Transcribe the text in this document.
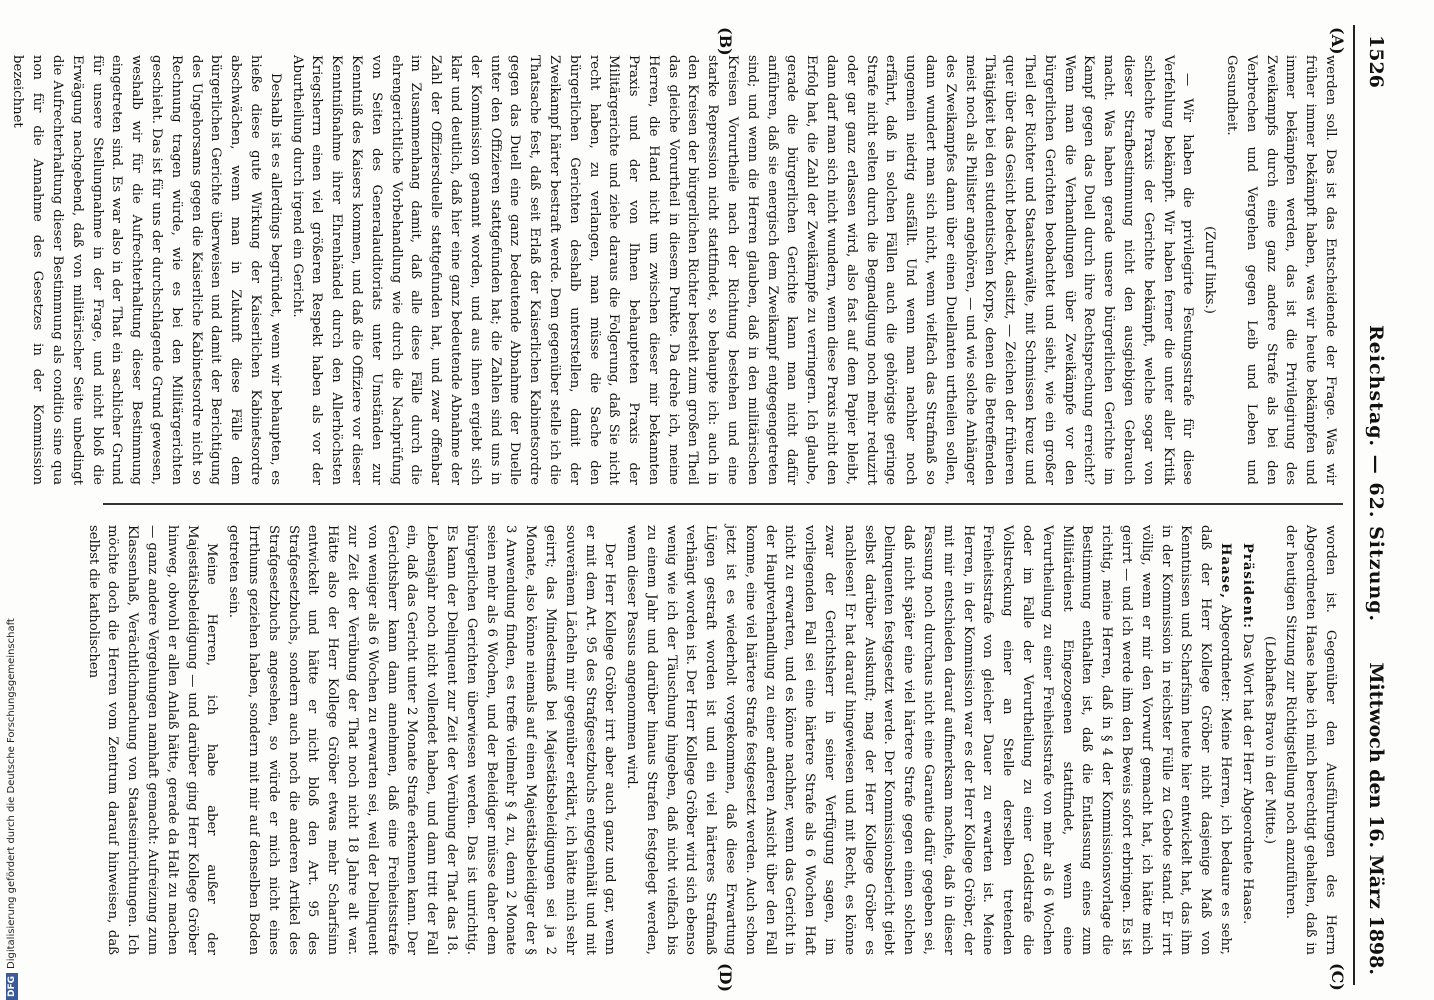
1526
Reichstag. — 62. Sitzung.
Mittwoch den 16. März 1898.
(A)
(B)
(C)
(D)

werden soll. Das ist das Entscheidende der Frage. Was wir früher immer bekämpft haben, was wir heute bekämpfen und immer bekämpfen werden, das ist die Privilegirung des Zweikampfs durch eine ganz andere Strafe als bei den Verbrechen und Vergehen gegen Leib und Leben und Gesundheit.

(Zuruf links.)

— Wir haben die privilegirte Festungsstrafe für diese Verfehlung bekämpft. Wir haben ferner die unter aller Kritik schlechte Praxis der Gerichte bekämpft, welche sogar von dieser Strafbestimmung nicht den ausgiebigen Gebrauch macht. Was haben gerade unsere bürgerlichen Gerichte im Kampf gegen das Duell durch ihre Rechtsprechung erreicht? Wenn man die Verhandlungen über Zweikämpfe vor den bürgerlichen Gerichten beobachtet und sieht, wie ein großer Theil der Richter und Staatsanwälte, mit Schmissen kreuz und quer über das Gesicht bedeckt, dasitzt, — Zeichen der früheren Thätigkeit bei den studentischen Korps, denen die Betreffenden meist noch als Philister angehören, — und wie solche Anhänger des Zweikampfes dann über einen Duellanten urtheilen sollen, dann wundert man sich nicht, wenn vielfach das Strafmaß so ungemein niedrig ausfällt. Und wenn man nachher noch erfährt, daß in solchen Fällen auch die gehörigste geringe Strafe nicht selten durch die Begnadigung noch mehr reduzirt oder gar ganz erlassen wird, also fast auf dem Papier bleibt, dann darf man sich nicht wundern, wenn diese Praxis nicht den Erfolg hat, die Zahl der Zweikämpfe zu verringern. Ich glaube, gerade die bürgerlichen Gerichte kann man nicht dafür anführen, daß sie energisch dem Zweikampf entgegengetreten sind; und wenn die Herren glauben, daß in den militärischen Kreisen Vorurtheile nach der Richtung bestehen und eine starke Repression nicht stattfindet, so behaupte ich: auch in den Kreisen der bürgerlichen Richter besteht zum großen Theil das gleiche Vorurtheil in diesem Punkte. Da drehe ich, meine Herren, die Hand nicht um zwischen dieser mir bekannten Praxis und der von Ihnen behaupteten Praxis der Militärgerichte und ziehe daraus die Folgerung, daß Sie nicht recht haben, zu verlangen, man müsse die Sache den bürgerlichen Gerichten deshalb unterstellen, damit der Zweikampf härter bestraft werde. Dem gegenüber stelle ich die Thatsache fest, daß seit Erlaß der Kaiserlichen Kabinetsordre gegen das Duell eine ganz bedeutende Abnahme der Duelle unter den Offizieren stattgefunden hat; die Zahlen sind uns in der Kommission genannt worden, und aus ihnen ergiebt sich klar und deutlich, daß hier eine ganz bedeutende Abnahme der Zahl der Offiziersduelle stattgefunden hat, und zwar offenbar im Zusammenhang damit, daß alle diese Fälle durch die ehrengerichtliche Vorbehandlung wie durch die Nachprüfung von Seiten des Generalauditoriats unter Umständen zur Kenntniß des Kaisers kommen, und daß die Offiziere vor dieser Kenntnißnahme ihrer Ehrenhändel durch den Allerhöchsten Kriegsherrn einen viel größeren Respekt haben als vor der Aburtheilung durch irgend ein Gericht.

Deshalb ist es allerdings begründet, wenn wir behaupten, es hieße diese gute Wirkung der Kaiserlichen Kabinetsordre abschwächen, wenn man in Zukunft diese Fälle dem bürgerlichen Gerichte überweisen und damit der Berichtigung des Ungehorsams gegen die Kaiserliche Kabinetsordre nicht so Rechnung tragen würde, wie es bei den Militärgerichten geschieht. Das ist für uns der durchschlagende Grund gewesen, weshalb wir für die Aufrechterhaltung dieser Bestimmung eingetreten sind. Es war also in der That ein sachlicher Grund für unsere Stellungnahme in der Frage, und nicht bloß die Erwägung nachgebend, daß von militärischer Seite unbedingt die Aufrechterhaltung dieser Bestimmung als conditio sine qua non für die Annahme des Gesetzes in der Kommission bezeichnet

worden ist. Gegenüber den Ausführungen des Herrn Abgeordneten Haase habe ich mich berechtigt gehalten, daß in der heutigen Sitzung zur Richtigstellung noch anzuführen.

(Lebhaftes Bravo in der Mitte.)

Präsident: Das Wort hat der Herr Abgeordnete Haase.

Haase, Abgeordneter: Meine Herren, ich bedaure es sehr, daß der Herr Kollege Gröber nicht dasjenige Maß von Kenntnissen und Scharfsinn heute hier entwickelt hat, das ihm in der Kommission in reichster Fülle zu Gebote stand. Er irrt völlig, wenn er mir den Vorwurf gemacht hat, ich hätte mich geirrt — und ich werde ihm den Beweis sofort erbringen. Es ist richtig, meine Herren, daß in § 4 der Kommissionsvorlage die Bestimmung enthalten ist, daß die Entlassung eines zum Militärdienst Eingezogenen stattfindet, wenn eine Verurtheilung zu einer Freiheitsstrafe von mehr als 6 Wochen oder im Falle der Verurtheilung zu einer Geldstrafe die Vollstreckung einer an Stelle derselben tretenden Freiheitsstrafe von gleicher Dauer zu erwarten ist. Meine Herren, in der Kommission war es der Herr Kollege Gröber, der mit mir entschieden darauf aufmerksam machte, daß in dieser Fassung noch durchaus nicht eine Garantie dafür gegeben sei, daß nicht später eine viel härtere Strafe gegen einen solchen Delinquenten festgesetzt werde. Der Kommissionsbericht giebt selbst darüber Auskunft; mag der Herr Kollege Gröber es nachlesen! Er hat darauf hingewiesen und mit Recht, es könne zwar der Gerichtsherr in seiner Verfügung sagen, im vorliegenden Fall sei eine härtere Strafe als 6 Wochen Haft nicht zu erwarten, und es könne nachher, wenn das Gericht in der Hauptverhandlung zu einer anderen Ansicht über den Fall komme, eine viel härtere Strafe festgesetzt werden. Auch schon jetzt ist es wiederholt vorgekommen, daß diese Erwartung Lügen gestraft worden ist und ein viel härteres Strafmaß verhängt worden ist. Der Herr Kollege Gröber wird sich ebenso wenig wie ich der Täuschung hingeben, daß nicht vielfach bis zu einem Jahr und darüber hinaus Strafen festgelegt werden, wenn dieser Passus angenommen wird.

Der Herr Kollege Gröber irrt aber auch ganz und gar, wenn er mit dem Art. 95 des Strafgesetzbuchs entgegenhält und mit souveränem Lächeln mir gegenüber erklärt, ich hätte mich sehr geirrt; das Mindestmaß bei Majestätsbeleidigungen sei ja 2 Monate, also könne niemals auf einen Majestätsbeleidiger der § 3 Anwendung finden, es treffe vielmehr § 4 zu, denn 2 Monate seien mehr als 6 Wochen, und der Beleidiger müsse daher dem bürgerlichen Gerichten überwiesen werden. Das ist unrichtig. Es kann der Delinquent zur Zeit der Verübung der That das 18. Lebensjahr noch nicht vollendet haben, und dann tritt der Fall ein, daß das Gericht unter 2 Monate Strafe erkennen kann. Der Gerichtsherr kann dann annehmen, daß eine Freiheitsstrafe von weniger als 6 Wochen zu erwarten sei, weil der Delinquent zur Zeit der Verübung der That noch nicht 18 Jahre alt war. Hätte also der Herr Kollege Gröber etwas mehr Scharfsinn entwickelt und hätte er nicht bloß den Art. 95 des Strafgesetzbuchs, sondern auch noch die anderen Artikel des Strafgesetzbuchs angesehen, so würde er mich nicht eines Irrthums geziehen haben, sondern mit mir auf denselben Boden getreten sein.

Meine Herren, ich habe aber außer der Majestätsbeleidigung — und darüber ging Herr Kollege Gröber hinweg, obwohl er allen Anlaß hätte, gerade da Halt zu machen — ganz andere Vergehungen namhaft gemacht: Aufreizung zum Klassenhaß, Verächtlichmachung von Staatseinrichtungen. Ich möchte doch die Herren vom Zentrum darauf hinweisen, daß selbst die katholischen

DFGDigitalisierung gefördert durch die Deutsche Forschungsgemeinschaft
